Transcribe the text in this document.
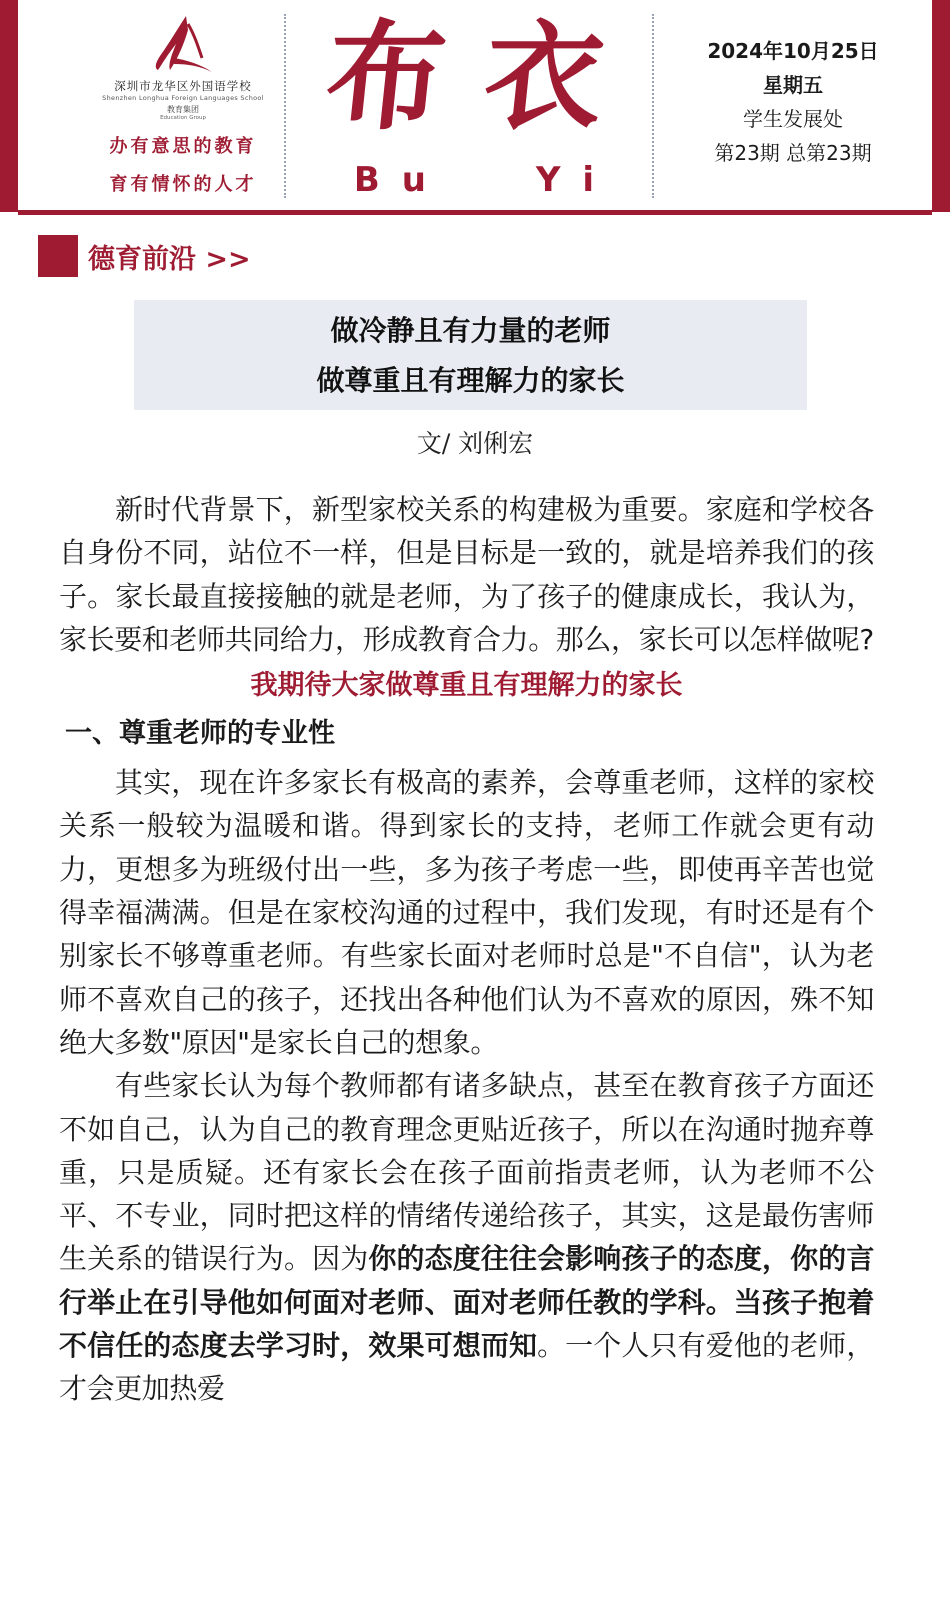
深圳市龙华区外国语学校
Shenzhen Longhua Foreign Languages School
教育集团
Education Group
办有意思的教育
育有情怀的人才
布衣
Bu	Yi
2024年10月25日
星期五
学生发展处
第23期 总第23期
德育前沿 >>
做冷静且有力量的老师
做尊重且有理解力的家长
文/ 刘俐宏

新时代背景下，新型家校关系的构建极为重要。家庭和学校各自身份不同，站位不一样，但是目标是一致的，就是培养我们的孩子。家长最直接接触的就是老师，为了孩子的健康成长，我认为，家长要和老师共同给力，形成教育合力。那么，家长可以怎样做呢?

我期待大家做尊重且有理解力的家长
一、尊重老师的专业性

其实，现在许多家长有极高的素养，会尊重老师，这样的家校关系一般较为温暖和谐。得到家长的支持，老师工作就会更有动力，更想多为班级付出一些，多为孩子考虑一些，即使再辛苦也觉得幸福满满。但是在家校沟通的过程中，我们发现，有时还是有个别家长不够尊重老师。有些家长面对老师时总是"不自信"，认为老师不喜欢自己的孩子，还找出各种他们认为不喜欢的原因，殊不知绝大多数"原因"是家长自己的想象。

有些家长认为每个教师都有诸多缺点，甚至在教育孩子方面还不如自己，认为自己的教育理念更贴近孩子，所以在沟通时抛弃尊重，只是质疑。还有家长会在孩子面前指责老师，认为老师不公平、不专业，同时把这样的情绪传递给孩子，其实，这是最伤害师生关系的错误行为。因为你的态度往往会影响孩子的态度，你的言行举止在引导他如何面对老师、面对老师任教的学科。当孩子抱着不信任的态度去学习时，效果可想而知。一个人只有爱他的老师，才会更加热爱
